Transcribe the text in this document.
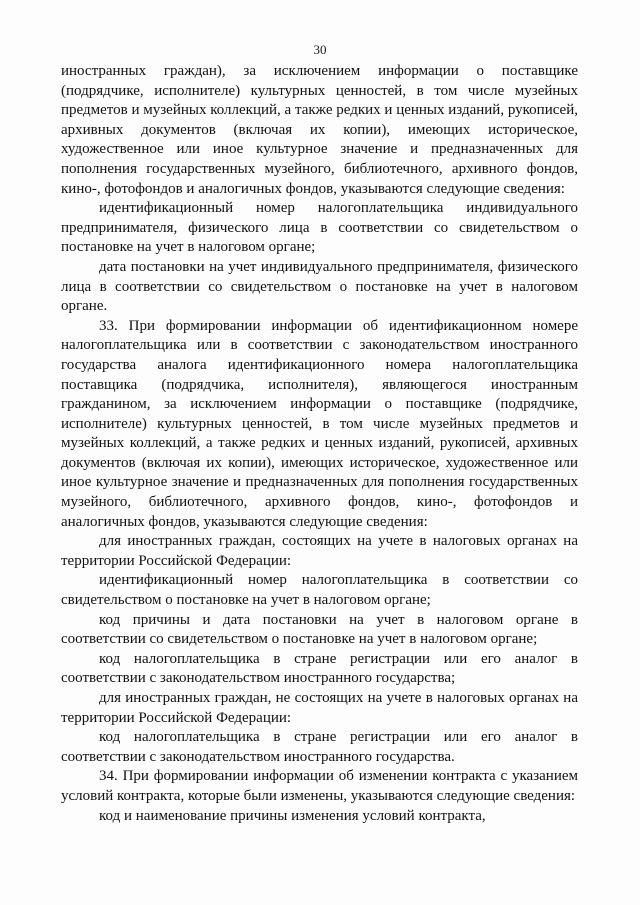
30

иностранных граждан), за исключением информации о поставщике (подрядчике, исполнителе) культурных ценностей, в том числе музейных предметов и музейных коллекций, а также редких и ценных изданий, рукописей, архивных документов (включая их копии), имеющих историческое, художественное или иное культурное значение и предназначенных для пополнения государственных музейного, библиотечного, архивного фондов, кино-, фотофондов и аналогичных фондов, указываются следующие сведения:

идентификационный номер налогоплательщика индивидуального предпринимателя, физического лица в соответствии со свидетельством о постановке на учет в налоговом органе;

дата постановки на учет индивидуального предпринимателя, физического лица в соответствии со свидетельством о постановке на учет в налоговом органе.

33. При формировании информации об идентификационном номере налогоплательщика или в соответствии с законодательством иностранного государства аналога идентификационного номера налогоплательщика поставщика (подрядчика, исполнителя), являющегося иностранным гражданином, за исключением информации о поставщике (подрядчике, исполнителе) культурных ценностей, в том числе музейных предметов и музейных коллекций, а также редких и ценных изданий, рукописей, архивных документов (включая их копии), имеющих историческое, художественное или иное культурное значение и предназначенных для пополнения государственных музейного, библиотечного, архивного фондов, кино-, фотофондов и аналогичных фондов, указываются следующие сведения:

для иностранных граждан, состоящих на учете в налоговых органах на территории Российской Федерации:

идентификационный номер налогоплательщика в соответствии со свидетельством о постановке на учет в налоговом органе;

код причины и дата постановки на учет в налоговом органе в соответствии со свидетельством о постановке на учет в налоговом органе;

код налогоплательщика в стране регистрации или его аналог в соответствии с законодательством иностранного государства;

для иностранных граждан, не состоящих на учете в налоговых органах на территории Российской Федерации:

код налогоплательщика в стране регистрации или его аналог в соответствии с законодательством иностранного государства.

34. При формировании информации об изменении контракта с указанием условий контракта, которые были изменены, указываются следующие сведения:

код и наименование причины изменения условий контракта,
